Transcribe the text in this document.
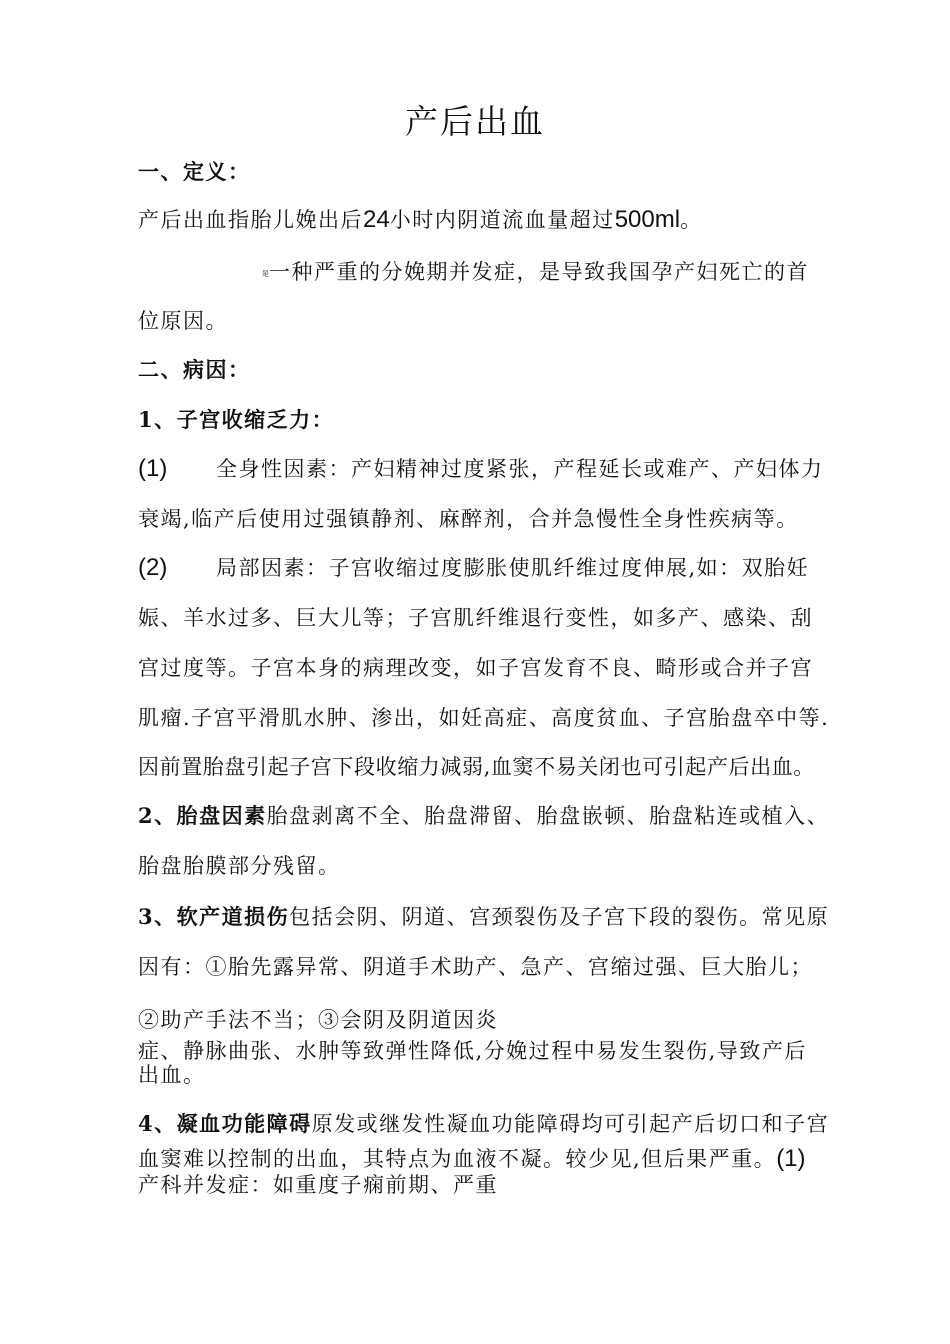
产后出血
一、定义：
产后出血指胎儿娩出后24小时内阴道流血量超过500ml。
是一种严重的分娩期并发症，是导致我国孕产妇死亡的首
位原因。
二、病因：
1、子宫收缩乏力：
(1) 全身性因素：产妇精神过度紧张，产程延长或难产、产妇体力
衰竭,临产后使用过强镇静剂、麻醉剂，合并急慢性全身性疾病等。
(2) 局部因素：子宫收缩过度膨胀使肌纤维过度伸展,如：双胎妊
娠、羊水过多、巨大儿等；子宫肌纤维退行变性，如多产、感染、刮
宫过度等。子宫本身的病理改变，如子宫发育不良、畸形或合并子宫
肌瘤.子宫平滑肌水肿、渗出，如妊高症、高度贫血、子宫胎盘卒中等.
因前置胎盘引起子宫下段收缩力减弱,血窦不易关闭也可引起产后出血。
2、胎盘因素胎盘剥离不全、胎盘滞留、胎盘嵌顿、胎盘粘连或植入、
胎盘胎膜部分残留。
3、软产道损伤包括会阴、阴道、宫颈裂伤及子宫下段的裂伤。常见原
因有：①胎先露异常、阴道手术助产、急产、宫缩过强、巨大胎儿；
②助产手法不当；③会阴及阴道因炎
症、静脉曲张、水肿等致弹性降低,分娩过程中易发生裂伤,导致产后
出血。
4、凝血功能障碍原发或继发性凝血功能障碍均可引起产后切口和子宫
血窦难以控制的出血，其特点为血液不凝。较少见,但后果严重。(1)
产科并发症：如重度子痫前期、严重
